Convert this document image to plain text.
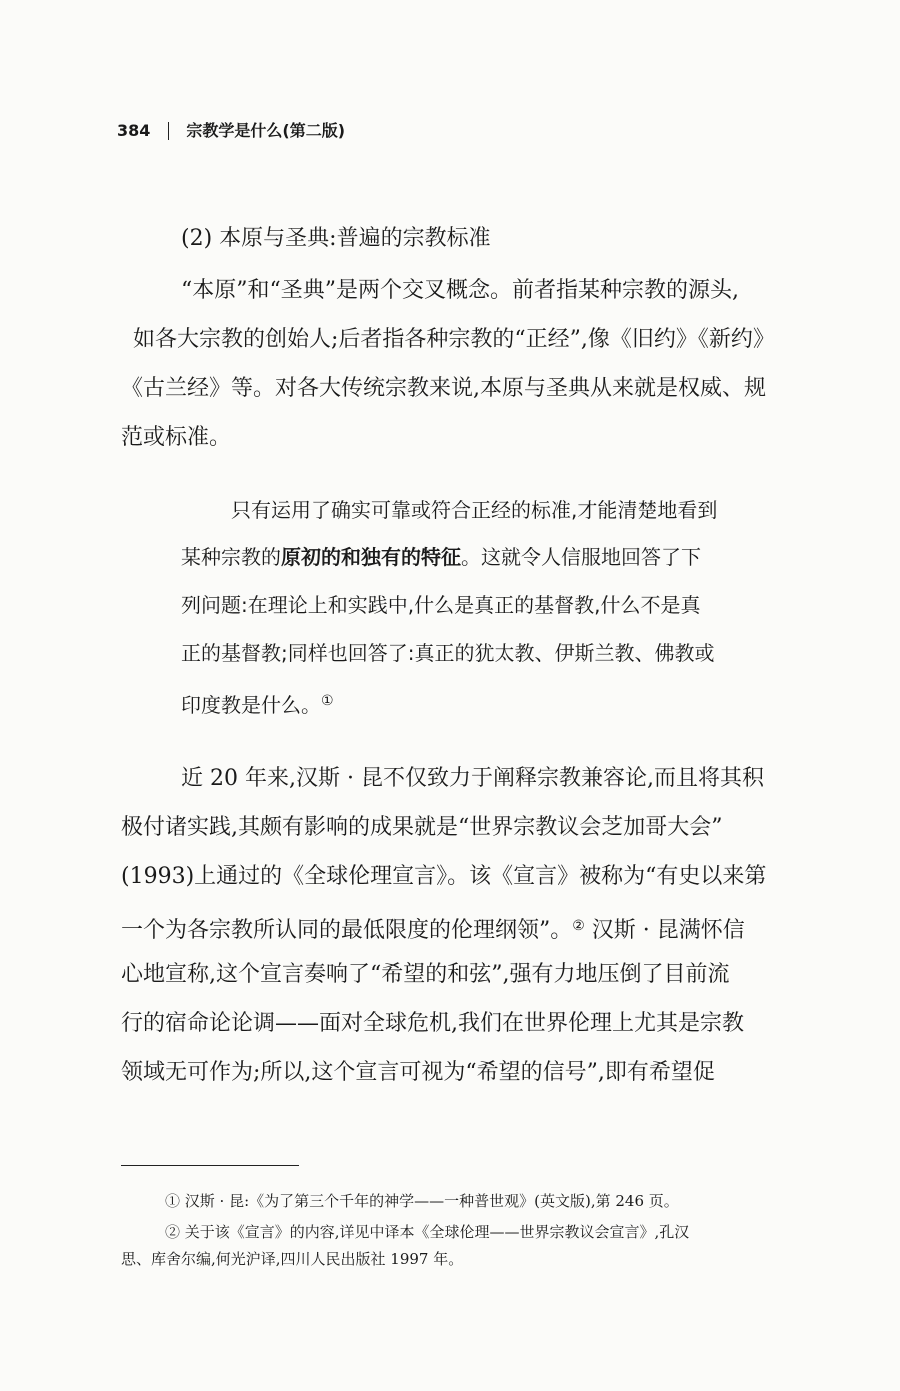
384 宗教学是什么(第二版)
(2) 本原与圣典:普遍的宗教标准
“本原”和“圣典”是两个交叉概念。前者指某种宗教的源头,
如各大宗教的创始人;后者指各种宗教的“正经”,像《旧约》《新约》
《古兰经》等。对各大传统宗教来说,本原与圣典从来就是权威、规
范或标准。
只有运用了确实可靠或符合正经的标准,才能清楚地看到
某种宗教的原初的和独有的特征。这就令人信服地回答了下
列问题:在理论上和实践中,什么是真正的基督教,什么不是真
正的基督教;同样也回答了:真正的犹太教、伊斯兰教、佛教或
印度教是什么。①
近 20 年来,汉斯 · 昆不仅致力于阐释宗教兼容论,而且将其积
极付诸实践,其颇有影响的成果就是“世界宗教议会芝加哥大会”
(1993)上通过的《全球伦理宣言》。该《宣言》被称为“有史以来第
一个为各宗教所认同的最低限度的伦理纲领”。② 汉斯 · 昆满怀信
心地宣称,这个宣言奏响了“希望的和弦”,强有力地压倒了目前流
行的宿命论论调——面对全球危机,我们在世界伦理上尤其是宗教
领域无可作为;所以,这个宣言可视为“希望的信号”,即有希望促
① 汉斯 · 昆:《为了第三个千年的神学——一种普世观》(英文版),第 246 页。
② 关于该《宣言》的内容,详见中译本《全球伦理——世界宗教议会宣言》,孔汉
思、库舍尔编,何光沪译,四川人民出版社 1997 年。
